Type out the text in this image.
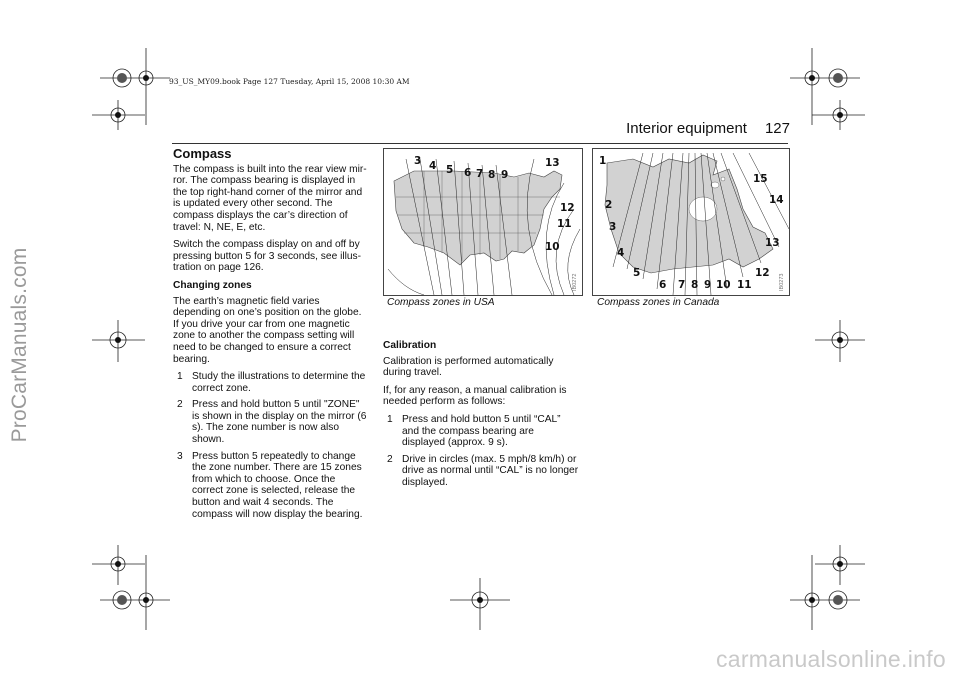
ProCarManuals.com
carmanualsonline.info
93_US_MY09.book Page 127 Tuesday, April 15, 2008 10:30 AM
Interior equipment 127
Compass

The compass is built into the rear view mir-ror. The compass bearing is displayed in the top right-hand corner of the mirror and is updated every other second. The compass displays the car’s direction of travel: N, NE, E, etc.

Switch the compass display on and off by pressing button 5 for 3 seconds, see illus-tration on page 126.

Changing zones

The earth’s magnetic field varies depending on one’s position on the globe. If you drive your car from one magnetic zone to another the compass setting will need to be changed to ensure a correct bearing.

1 Study the illustrations to determine the correct zone.
2 Press and hold button 5 until "ZONE" is shown in the display on the mirror (6 s). The zone number is now also shown.
3 Press button 5 repeatedly to change the zone number. There are 15 zones from which to choose. Once the correct zone is selected, release the button and wait 4 seconds. The compass will now display the bearing.
3 4 5 6 7 8 9
13
12
11
10
IB0272
Compass zones in USA
1
15
14
2
3
13
4
5	12
6 7 8 9 10 11	IB0273
Compass zones in Canada
Calibration

Calibration is performed automatically during travel.

If, for any reason, a manual calibration is needed perform as follows:

1 Press and hold button 5 until “CAL” and the compass bearing are displayed (approx. 9 s).
2 Drive in circles (max. 5 mph/8 km/h) or drive as normal until “CAL” is no longer displayed.
